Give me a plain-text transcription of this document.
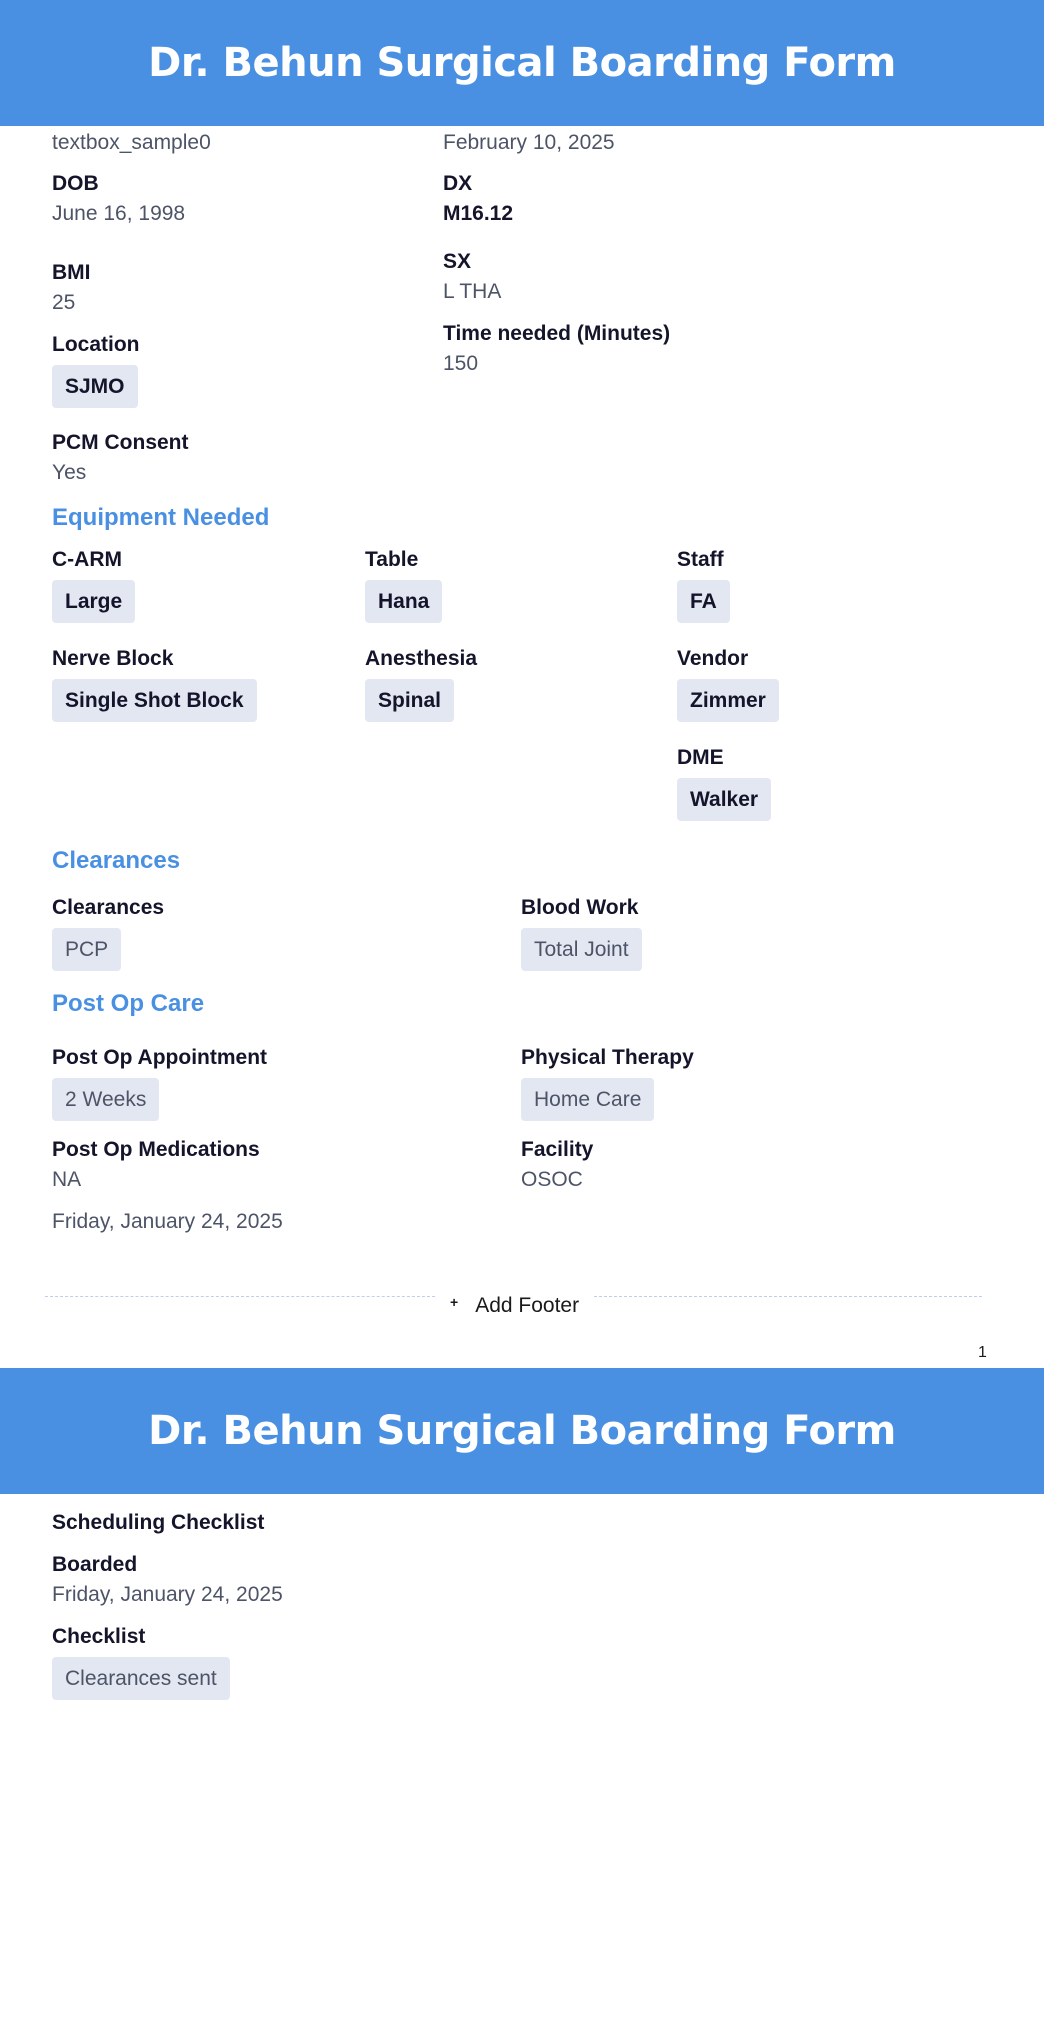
Dr. Behun Surgical Boarding Form
textbox_sample0	February 10, 2025
DOB
June 16, 1998
DX
M16.12
BMI
25
SX
L THA
Location
SJMO
Time needed (Minutes)
150
PCM Consent
Yes
Equipment Needed
C-ARM
Large
Table
Hana
Staff
FA
Nerve Block
Single Shot Block
Anesthesia
Spinal
Vendor
Zimmer
DME
Walker
Clearances
Clearances
PCP
Blood Work
Total Joint
Post Op Care
Post Op Appointment
2 Weeks
Physical Therapy
Home Care
Post Op Medications
NA
Facility
OSOC
Friday, January 24, 2025
+ Add Footer
1
Dr. Behun Surgical Boarding Form
Scheduling Checklist
Boarded
Friday, January 24, 2025
Checklist
Clearances sent
